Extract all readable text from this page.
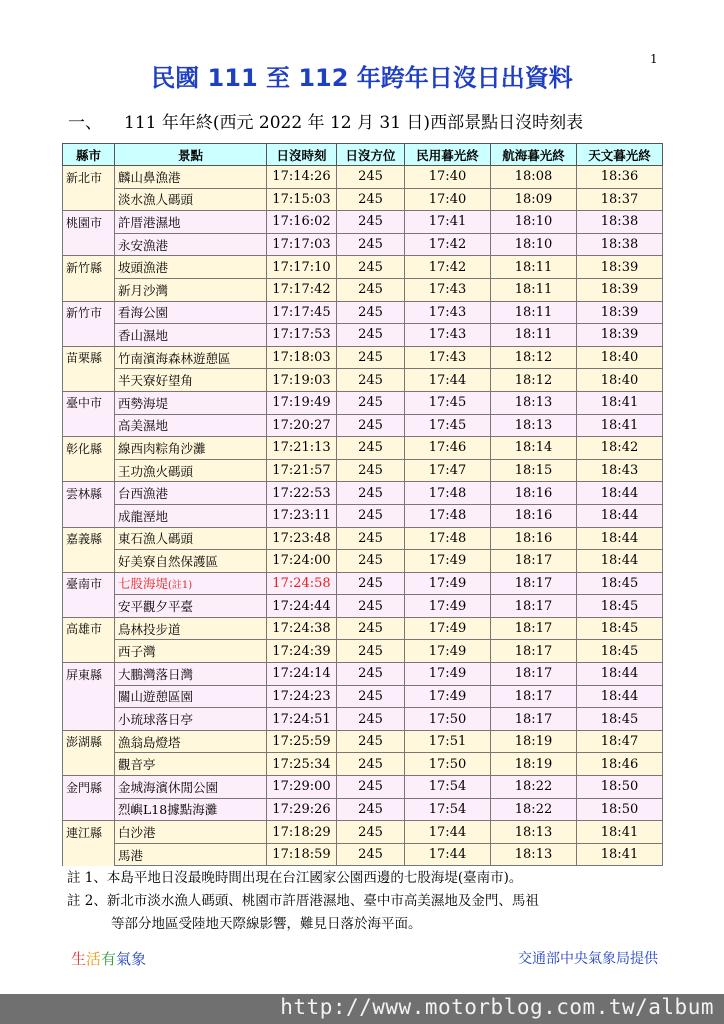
1
民國 111 至 112 年跨年日沒日出資料
一、 111 年年終(西元 2022 年 12 月 31 日)西部景點日沒時刻表
縣市	景點	日沒時刻	日沒方位	民用暮光終	航海暮光終	天文暮光終
新北市	麟山鼻漁港	17:14:26	245	17:40	18:08	18:36
	淡水漁人碼頭	17:15:03	245	17:40	18:09	18:37
桃園市	許厝港濕地	17:16:02	245	17:41	18:10	18:38
	永安漁港	17:17:03	245	17:42	18:10	18:38
新竹縣	坡頭漁港	17:17:10	245	17:42	18:11	18:39
	新月沙灣	17:17:42	245	17:43	18:11	18:39
新竹市	看海公園	17:17:45	245	17:43	18:11	18:39
	香山濕地	17:17:53	245	17:43	18:11	18:39
苗栗縣	竹南濱海森林遊憩區	17:18:03	245	17:43	18:12	18:40
	半天寮好望角	17:19:03	245	17:44	18:12	18:40
臺中市	西勢海堤	17:19:49	245	17:45	18:13	18:41
	高美濕地	17:20:27	245	17:45	18:13	18:41
彰化縣	線西肉粽角沙灘	17:21:13	245	17:46	18:14	18:42
	王功漁火碼頭	17:21:57	245	17:47	18:15	18:43
雲林縣	台西漁港	17:22:53	245	17:48	18:16	18:44
	成龍溼地	17:23:11	245	17:48	18:16	18:44
嘉義縣	東石漁人碼頭	17:23:48	245	17:48	18:16	18:44
	好美寮自然保護區	17:24:00	245	17:49	18:17	18:44
臺南市	七股海堤(註1)	17:24:58	245	17:49	18:17	18:45
	安平觀夕平臺	17:24:44	245	17:49	18:17	18:45
高雄市	鳥林投步道	17:24:38	245	17:49	18:17	18:45
	西子灣	17:24:39	245	17:49	18:17	18:45
屏東縣	大鵬灣落日灣	17:24:14	245	17:49	18:17	18:44
	關山遊憩區園	17:24:23	245	17:49	18:17	18:44
	小琉球落日亭	17:24:51	245	17:50	18:17	18:45
澎湖縣	漁翁島燈塔	17:25:59	245	17:51	18:19	18:47
	觀音亭	17:25:34	245	17:50	18:19	18:46
金門縣	金城海濱休閒公園	17:29:00	245	17:54	18:22	18:50
	烈嶼L18據點海灘	17:29:26	245	17:54	18:22	18:50
連江縣	白沙港	17:18:29	245	17:44	18:13	18:41
	馬港	17:18:59	245	17:44	18:13	18:41
註 1、本島平地日沒最晚時間出現在台江國家公園西邊的七股海堤(臺南市)。
註 2、新北市淡水漁人碼頭、桃園市許厝港濕地、臺中市高美濕地及金門、馬祖
等部分地區受陸地天際線影響，難見日落於海平面。
生活有氣象	交通部中央氣象局提供
http://www.motorblog.com.tw/album
